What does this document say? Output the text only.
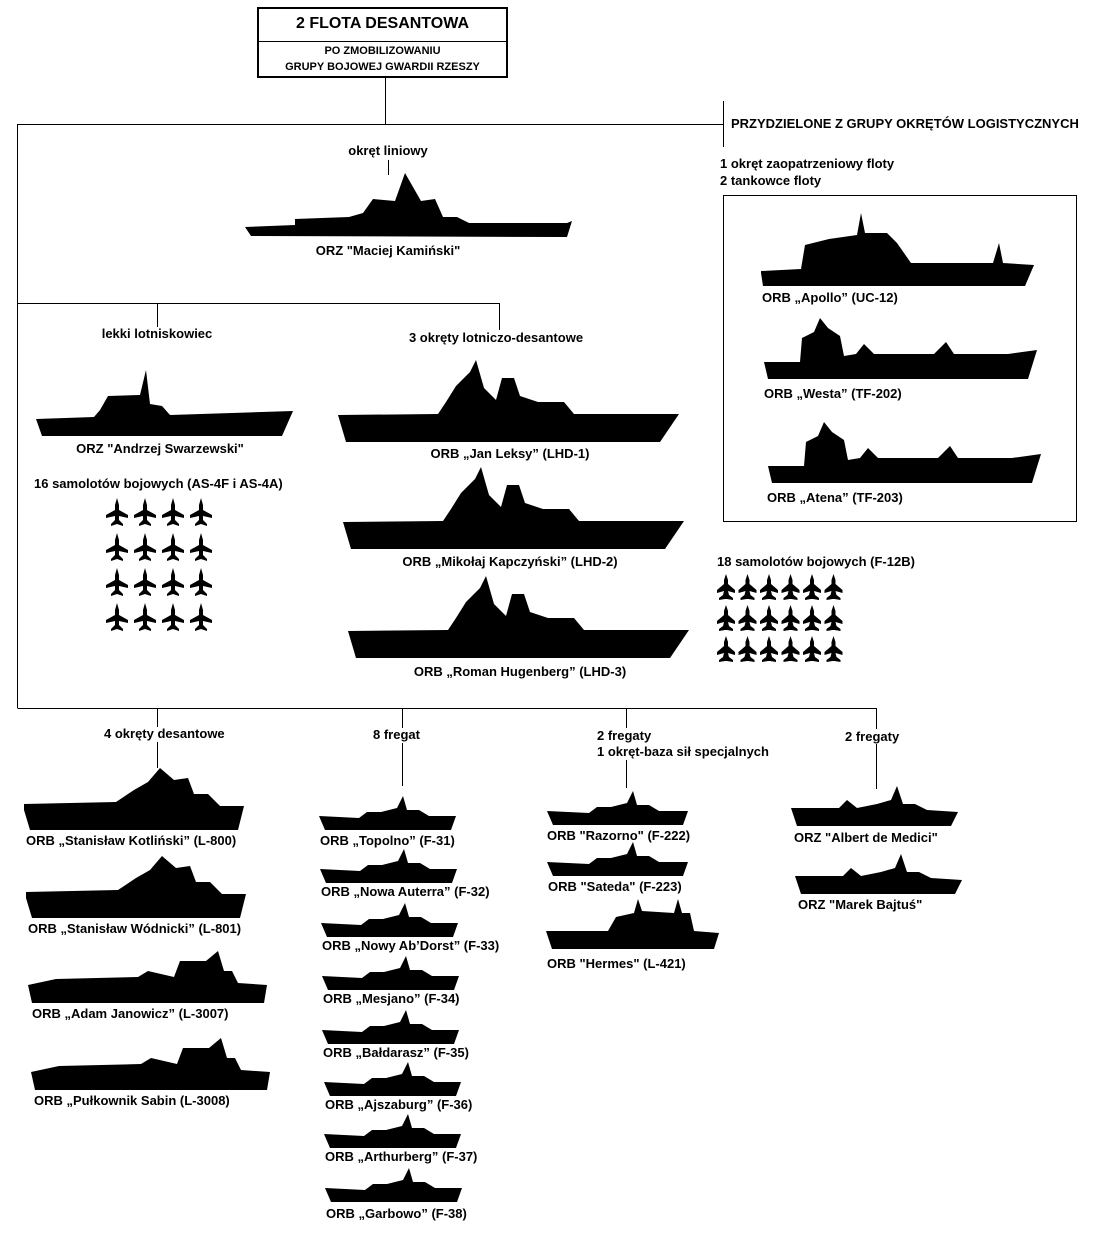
2 FLOTA DESANTOWA
PO ZMOBILIZOWANIU
GRUPY BOJOWEJ GWARDII RZESZY
PRZYDZIELONE Z GRUPY OKRĘTÓW LOGISTYCZNYCH
1 okręt zaopatrzeniowy floty
2 tankowce floty
okręt liniowy
ORZ "Maciej Kamiński"
lekki lotniskowiec
ORZ "Andrzej Swarzewski"
16 samolotów bojowych (AS-4F i AS-4A)
3 okręty lotniczo-desantowe
ORB „Jan Leksy” (LHD-1)
ORB „Mikołaj Kapczyński” (LHD-2)
ORB „Roman Hugenberg” (LHD-3)
18 samolotów bojowych (F-12B)
ORB „Apollo” (UC-12)
ORB „Westa” (TF-202)
ORB „Atena” (TF-203)
4 okręty desantowe
ORB „Stanisław Kotliński” (L-800)
ORB „Stanisław Wódnicki” (L-801)
ORB „Adam Janowicz” (L-3007)
ORB „Pułkownik Sabin (L-3008)
8 fregat
ORB „Topolno” (F-31)
ORB „Nowa Auterra” (F-32)
ORB „Nowy Ab’Dorst” (F-33)
ORB „Mesjano” (F-34)
ORB „Bałdarasz” (F-35)
ORB „Ajszaburg” (F-36)
ORB „Arthurberg” (F-37)
ORB „Garbowo” (F-38)
2 fregaty
1 okręt-baza sił specjalnych
ORB "Razorno" (F-222)
ORB "Sateda" (F-223)
ORB "Hermes" (L-421)
2 fregaty
ORZ "Albert de Medici"
ORZ "Marek Bajtuś"
